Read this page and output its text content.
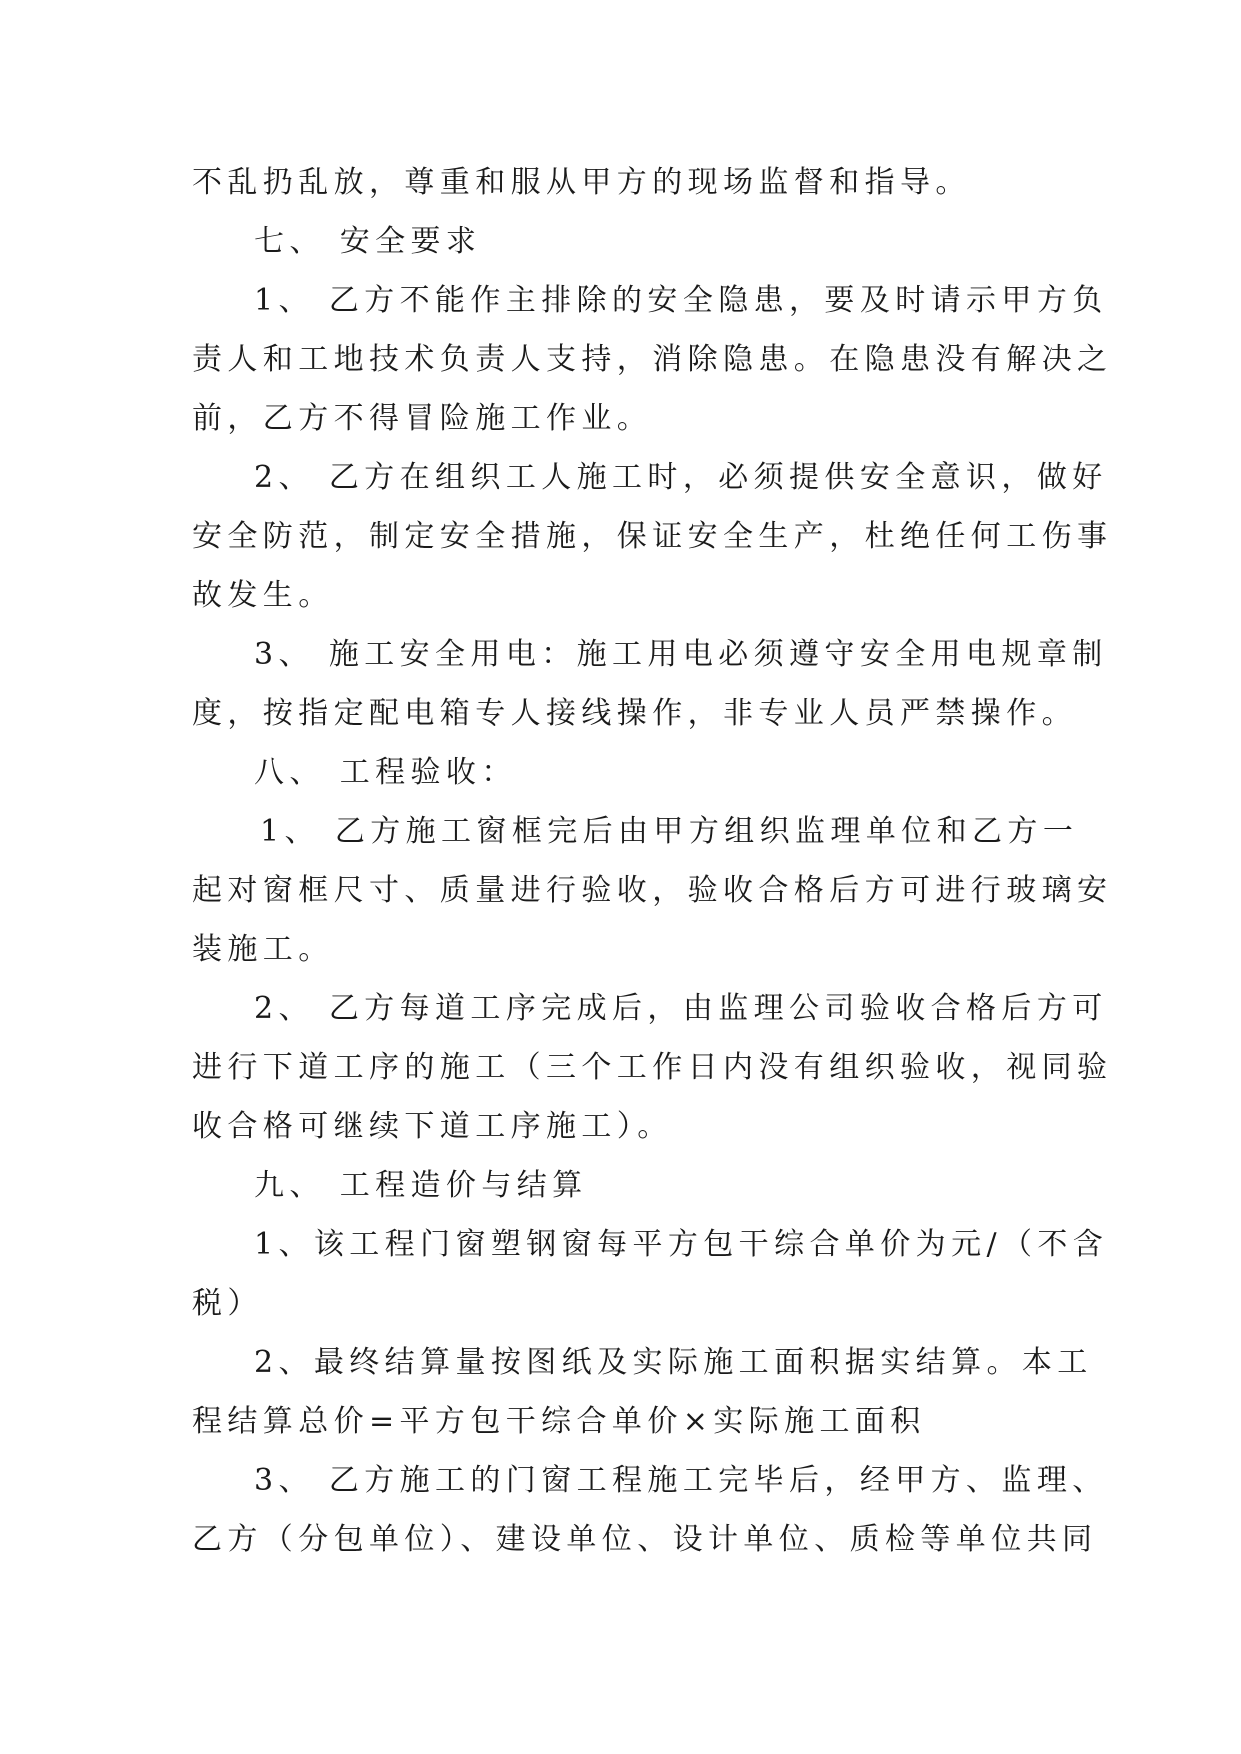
不乱扔乱放，尊重和服从甲方的现场监督和指导。
七、 安全要求
1、 乙方不能作主排除的安全隐患，要及时请示甲方负
责人和工地技术负责人支持，消除隐患。在隐患没有解决之
前，乙方不得冒险施工作业。
2、 乙方在组织工人施工时，必须提供安全意识，做好
安全防范，制定安全措施，保证安全生产，杜绝任何工伤事
故发生。
3、 施工安全用电：施工用电必须遵守安全用电规章制
度，按指定配电箱专人接线操作，非专业人员严禁操作。
八、 工程验收：
1、 乙方施工窗框完后由甲方组织监理单位和乙方一
起对窗框尺寸、质量进行验收，验收合格后方可进行玻璃安
装施工。
2、 乙方每道工序完成后，由监理公司验收合格后方可
进行下道工序的施工（三个工作日内没有组织验收，视同验
收合格可继续下道工序施工）。
九、 工程造价与结算
1、该工程门窗塑钢窗每平方包干综合单价为元/（不含
税）
2、最终结算量按图纸及实际施工面积据实结算。本工
程结算总价=平方包干综合单价×实际施工面积
3、 乙方施工的门窗工程施工完毕后，经甲方、监理、
乙方（分包单位）、建设单位、设计单位、质检等单位共同
